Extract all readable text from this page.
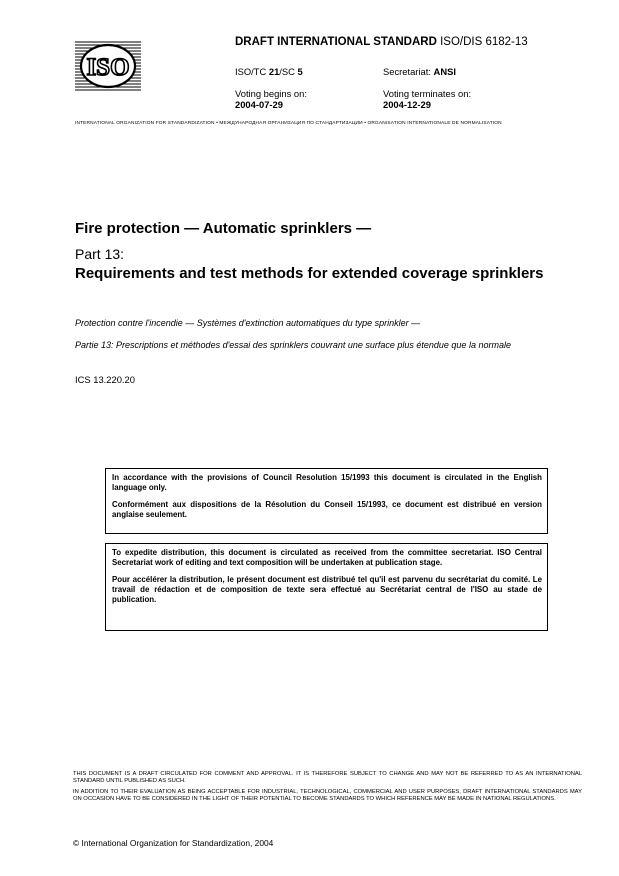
ISO
DRAFT INTERNATIONAL STANDARD ISO/DIS 6182-13
ISO/TC 21/SC 5	Secretariat: ANSI
Voting begins on:
2004-07-29
Voting terminates on:
2004-12-29
INTERNATIONAL ORGANIZATION FOR STANDARDIZATION • МЕЖДУНАРОДНАЯ ОРГАНИЗАЦИЯ ПО СТАНДАРТИЗАЦИИ • ORGANISATION INTERNATIONALE DE NORMALISATION
Fire protection — Automatic sprinklers —
Part 13:
Requirements and test methods for extended coverage sprinklers
Protection contre l'incendie — Systèmes d'extinction automatiques du type sprinkler —
Partie 13: Prescriptions et méthodes d'essai des sprinklers couvrant une surface plus étendue que la normale
ICS 13.220.20

In accordance with the provisions of Council Resolution 15/1993 this document is circulated in the English language only.

Conformément aux dispositions de la Résolution du Conseil 15/1993, ce document est distribué en version anglaise seulement.

To expedite distribution, this document is circulated as received from the committee secretariat. ISO Central Secretariat work of editing and text composition will be undertaken at publication stage.

Pour accélérer la distribution, le présent document est distribué tel qu'il est parvenu du secrétariat du comité. Le travail de rédaction et de composition de texte sera effectué au Secrétariat central de l'ISO au stade de publication.

THIS DOCUMENT IS A DRAFT CIRCULATED FOR COMMENT AND APPROVAL. IT IS THEREFORE SUBJECT TO CHANGE AND MAY NOT BE REFERRED TO AS AN INTERNATIONAL STANDARD UNTIL PUBLISHED AS SUCH.

IN ADDITION TO THEIR EVALUATION AS BEING ACCEPTABLE FOR INDUSTRIAL, TECHNOLOGICAL, COMMERCIAL AND USER PURPOSES, DRAFT INTERNATIONAL STANDARDS MAY ON OCCASION HAVE TO BE CONSIDERED IN THE LIGHT OF THEIR POTENTIAL TO BECOME STANDARDS TO WHICH REFERENCE MAY BE MADE IN NATIONAL REGULATIONS.

© International Organization for Standardization, 2004
